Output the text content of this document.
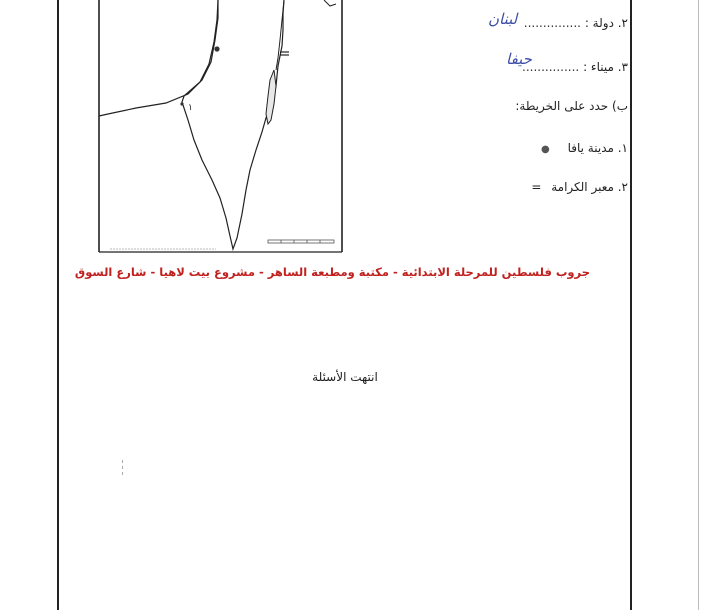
١
٢. دولة : ...............
لبنان
٣. ميناء : ...............
حيفا
ب) حدد على الخريطة:
١. مدينة يافا ●
٢. معبر الكرامة =
جروب فلسطين للمرحلة الابتدائية - مكتبة ومطبعة الساهر - مشروع بيت لاهيا - شارع السوق
انتهت الأسئلة
